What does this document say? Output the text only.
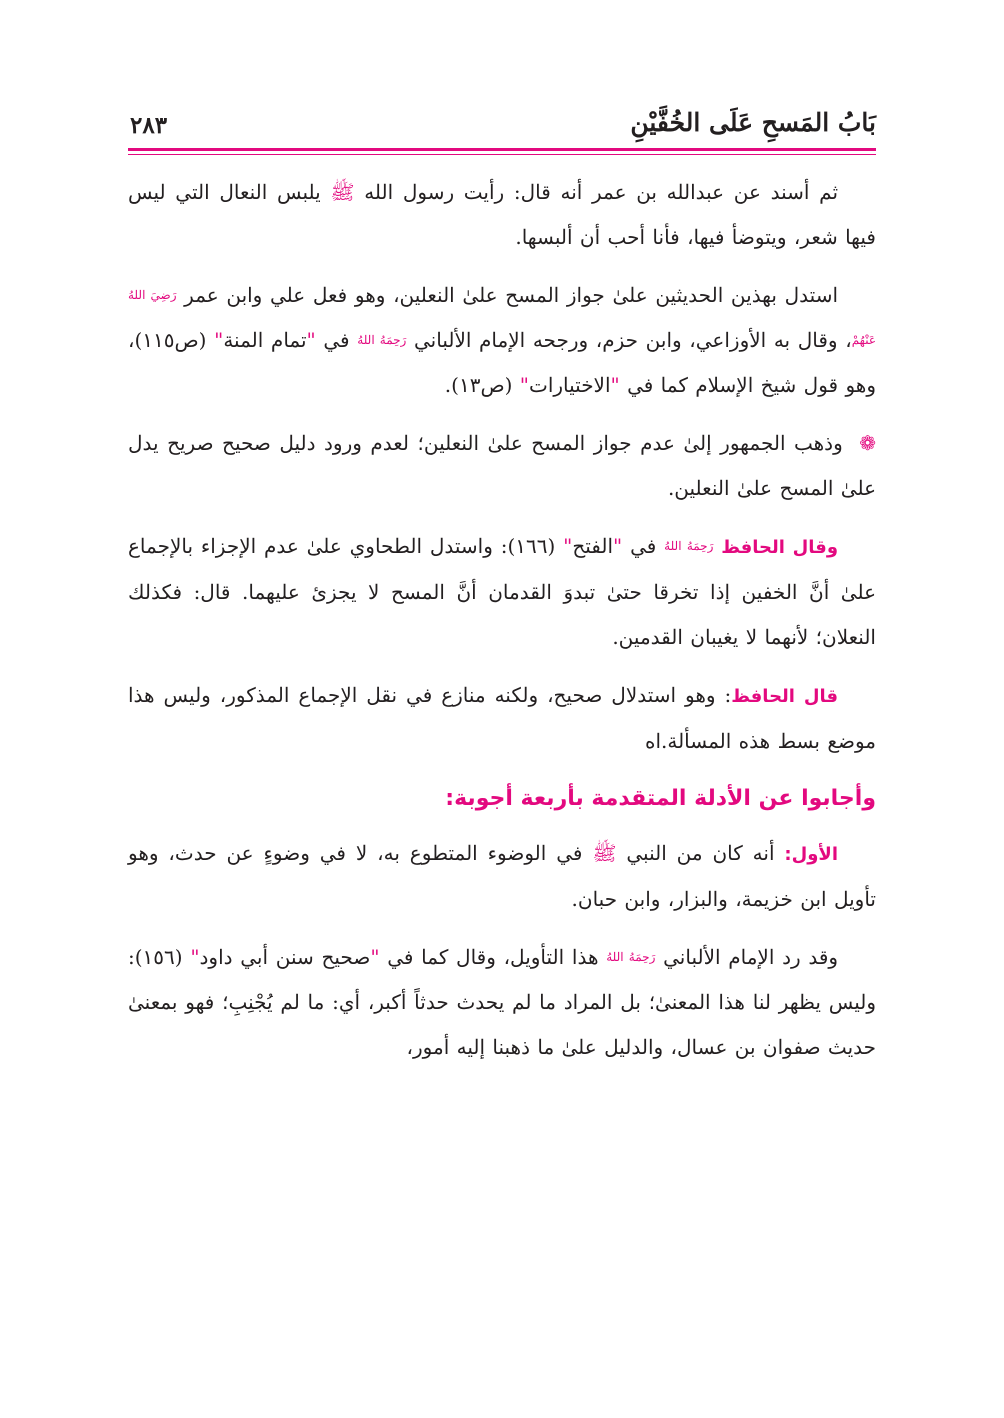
بَابُ المَسحِ عَلَى الخُفَّيْنِ
٢٨٣

ثم أسند عن عبدالله بن عمر أنه قال: رأيت رسول الله ﷺ يلبس النعال التي ليس فيها شعر، ويتوضأ فيها، فأنا أحب أن ألبسها.

استدل بهذين الحديثين علىٰ جواز المسح علىٰ النعلين، وهو فعل علي وابن عمر رَضِيَ اللهُ عَنْهُمْ، وقال به الأوزاعي، وابن حزم، ورجحه الإمام الألباني رَحِمَهُ اللهُ في "تمام المنة" (ص١١٥)، وهو قول شيخ الإسلام كما في "الاختيارات" (ص١٣).

❁ وذهب الجمهور إلىٰ عدم جواز المسح علىٰ النعلين؛ لعدم ورود دليل صحيح صريح يدل علىٰ المسح علىٰ النعلين.

وقال الحافظ رَحِمَهُ اللهُ في "الفتح" (١٦٦): واستدل الطحاوي علىٰ عدم الإجزاء بالإجماع علىٰ أنَّ الخفين إذا تخرقا حتىٰ تبدوَ القدمان أنَّ المسح لا يجزئ عليهما. قال: فكذلك النعلان؛ لأنهما لا يغيبان القدمين.

قال الحافظ: وهو استدلال صحيح، ولكنه منازع في نقل الإجماع المذكور، وليس هذا موضع بسط هذه المسألة.اه

وأجابوا عن الأدلة المتقدمة بأربعة أجوبة:

الأول: أنه كان من النبي ﷺ في الوضوء المتطوع به، لا في وضوءٍ عن حدث، وهو تأويل ابن خزيمة، والبزار، وابن حبان.

وقد رد الإمام الألباني رَحِمَهُ اللهُ هذا التأويل، وقال كما في "صحيح سنن أبي داود" (١٥٦): وليس يظهر لنا هذا المعنىٰ؛ بل المراد ما لم يحدث حدثاً أكبر، أي: ما لم يُجْنِبِ؛ فهو بمعنىٰ حديث صفوان بن عسال، والدليل علىٰ ما ذهبنا إليه أمور،
